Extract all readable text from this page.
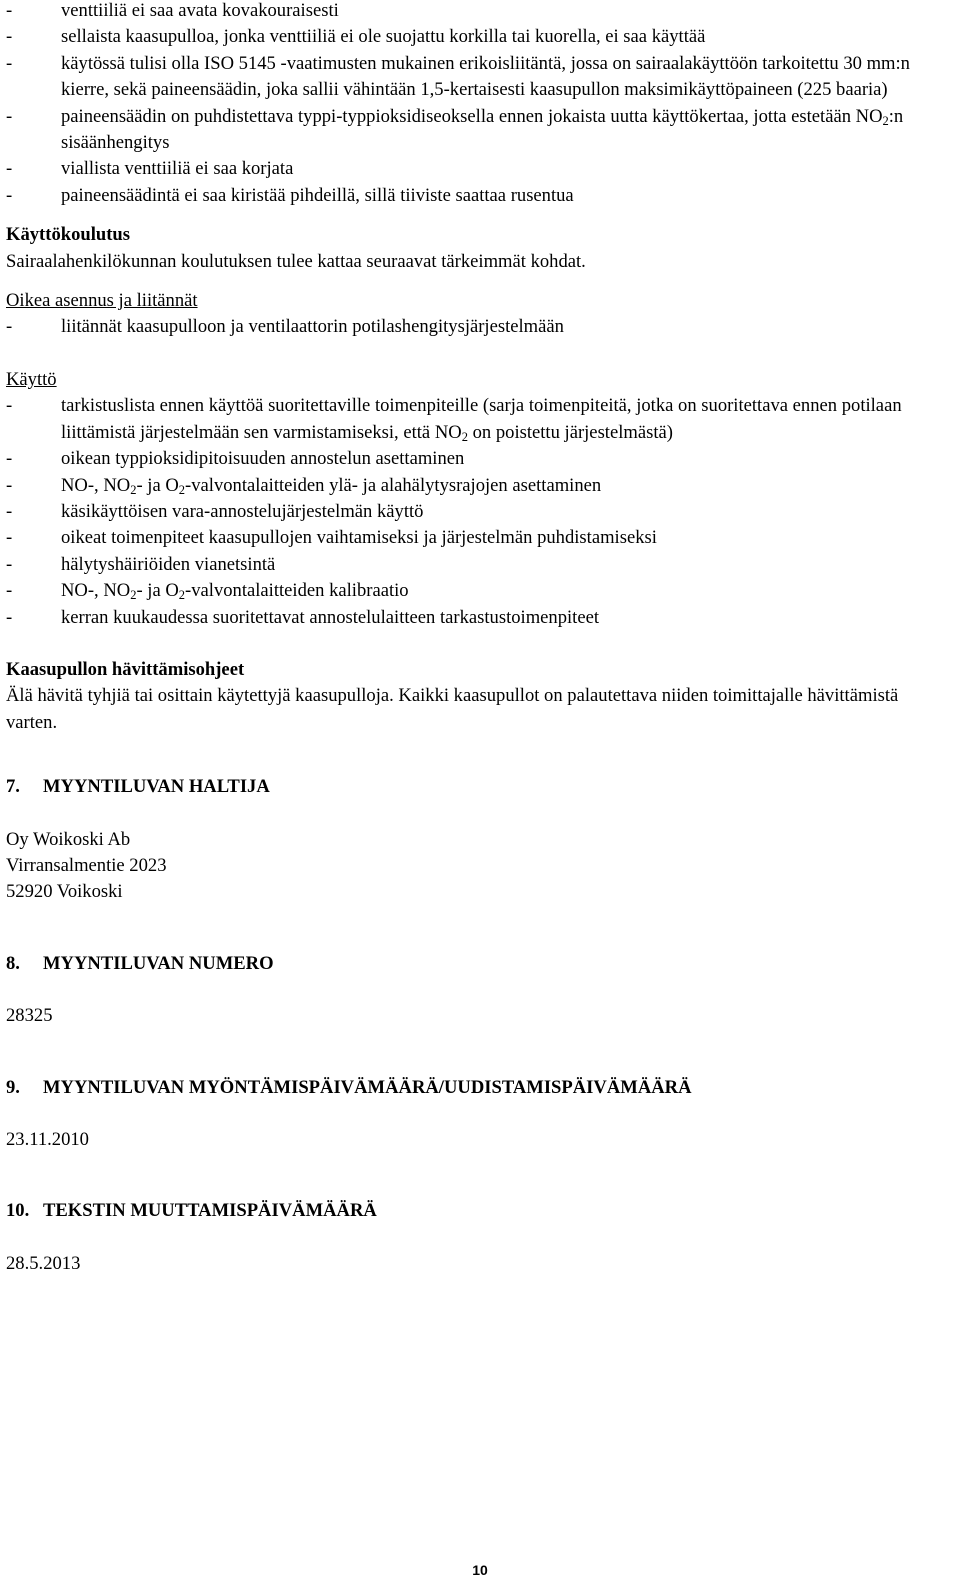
-	venttiiliä ei saa avata kovakouraisesti
-	sellaista kaasupulloa, jonka venttiiliä ei ole suojattu korkilla tai kuorella, ei saa käyttää
-	käytössä tulisi olla ISO 5145 -vaatimusten mukainen erikoisliitäntä, jossa on sairaalakäyttöön tarkoitettu 30 mm:n kierre, sekä paineensäädin, joka sallii vähintään 1,5-kertaisesti kaasupullon maksimikäyttöpaineen (225 baaria)
-	paineensäädin on puhdistettava typpi-typpioksidiseoksella ennen jokaista uutta käyttökertaa, jotta estetään $NO_2:n$ sisäänhengitys
-	viallista venttiiliä ei saa korjata
-	paineensäädintä ei saa kiristää pihdeillä, sillä tiiviste saattaa rusentua
Käyttökoulutus
Sairaalahenkilökunnan koulutuksen tulee kattaa seuraavat tärkeimmät kohdat.
Oikea asennus ja liitännät
-	liitännät kaasupulloon ja ventilaattorin potilashengitysjärjestelmään
Käyttö
-	tarkistuslista ennen käyttöä suoritettaville toimenpiteille (sarja toimenpiteitä, jotka on suoritettava ennen potilaan liittämistä järjestelmään sen varmistamiseksi, että $NO_2$ on poistettu järjestelmästä)
-	oikean typpioksidipitoisuuden annostelun asettaminen
-	NO-, $NO_2-$ ja $O_2$-valvontalaitteiden ylä- ja alahälytysrajojen asettaminen
-	käsikäyttöisen vara-annostelujärjestelmän käyttö
-	oikeat toimenpiteet kaasupullojen vaihtamiseksi ja järjestelmän puhdistamiseksi
-	hälytyshäiriöiden vianetsintä
-	NO-, $NO_2-$ ja $O_2$-valvontalaitteiden kalibraatio
-	kerran kuukaudessa suoritettavat annostelulaitteen tarkastustoimenpiteet
Kaasupullon hävittämisohjeet
Älä hävitä tyhjiä tai osittain käytettyjä kaasupulloja. Kaikki kaasupullot on palautettava niiden toimittajalle hävittämistä varten.
7.	MYYNTILUVAN HALTIJA
Oy Woikoski Ab
Virransalmentie 2023
52920 Voikoski
8.	MYYNTILUVAN NUMERO
28325
9.	MYYNTILUVAN MYÖNTÄMISPÄIVÄMÄÄRÄ/UUDISTAMISPÄIVÄMÄÄRÄ
23.11.2010
10. TEKSTIN MUUTTAMISPÄIVÄMÄÄRÄ
28.5.2013
10
